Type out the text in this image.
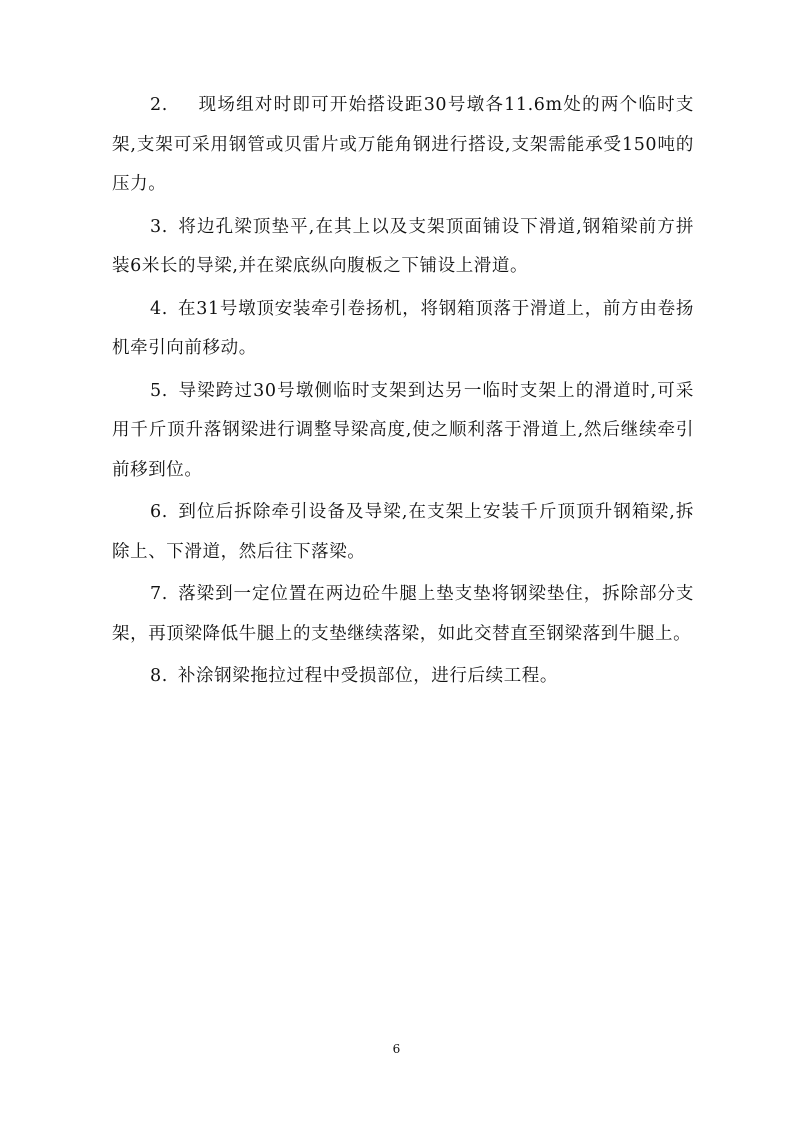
2. 现场组对时即可开始搭设距30号墩各11.6m处的两个临时支架,支架可采用钢管或贝雷片或万能角钢进行搭设,支架需能承受150吨的压力。

3. 将边孔梁顶垫平,在其上以及支架顶面铺设下滑道,钢箱梁前方拼装6米长的导梁,并在梁底纵向腹板之下铺设上滑道。

4. 在31号墩顶安装牵引卷扬机，将钢箱顶落于滑道上，前方由卷扬机牵引向前移动。

5. 导梁跨过30号墩侧临时支架到达另一临时支架上的滑道时,可采用千斤顶升落钢梁进行调整导梁高度,使之顺利落于滑道上,然后继续牵引前移到位。

6. 到位后拆除牵引设备及导梁,在支架上安装千斤顶顶升钢箱梁,拆除上、下滑道，然后往下落梁。

7. 落梁到一定位置在两边砼牛腿上垫支垫将钢梁垫住，拆除部分支架，再顶梁降低牛腿上的支垫继续落梁，如此交替直至钢梁落到牛腿上。

8. 补涂钢梁拖拉过程中受损部位，进行后续工程。

6
